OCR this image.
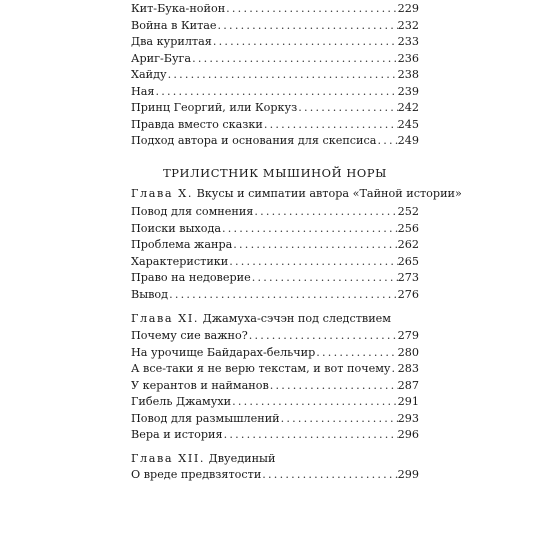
Кит-Бука-нойон .....	229
Война в Китае .....	232
Два курилтая .....	233
Ариг-Буга .....	236
Хайду .....	238
Ная .....	239
Принц Георгий, или Коркуз .....	242
Правда вместо сказки .....	245
Подход автора и основания для скепсиса ..... 249
ТРИЛИСТНИК МЫШИНОЙ НОРЫ
Глава X. Вкусы и симпатии автора «Тайной истории»
Повод для сомнения .....	252
Поиски выхода .....	256
Проблема жанра .....	262
Характеристики .....	265
Право на недоверие .....	273
Вывод .....	276
Глава XI. Джамуха-сэчэн под следствием
Почему сие важно? .....	279
На урочище Байдарах-бельчир .....	280
А все-таки я не верю текстам, и вот почему ..... 283
У керантов и найманов .....	287
Гибель Джамухи .....	291
Повод для размышлений .....	293
Вера и история .....	296
Глава XII. Двуединый
О вреде предвзятости .....	299
